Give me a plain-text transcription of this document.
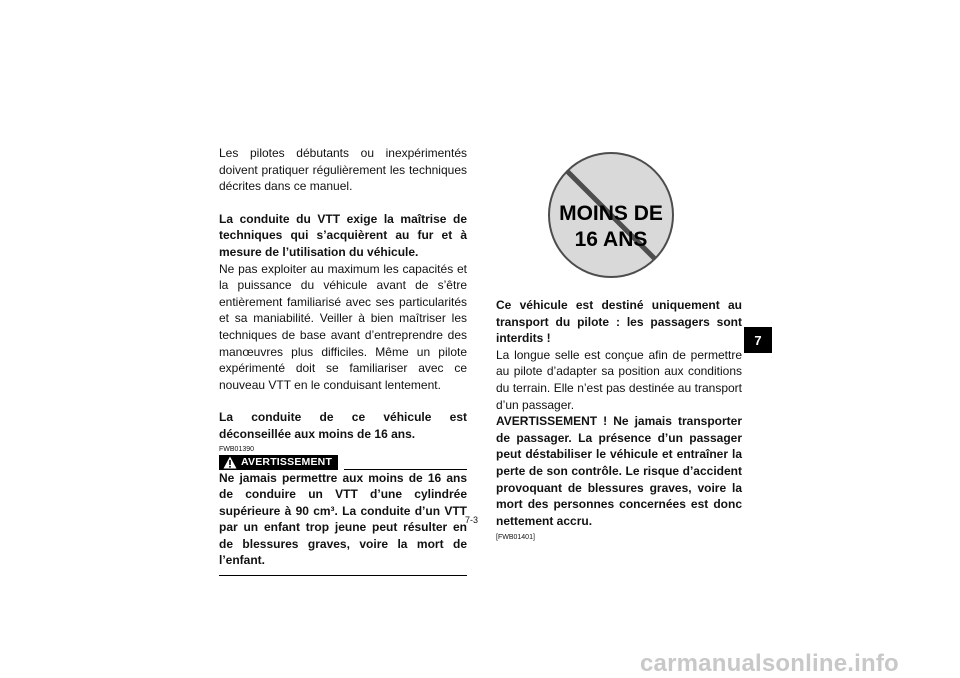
Les pilotes débutants ou inexpérimentés doivent pratiquer régulièrement les techniques décrites dans ce manuel.

La conduite du VTT exige la maîtrise de techniques qui s’acquièrent au fur et à mesure de l’utilisation du véhicule.

Ne pas exploiter au maximum les capacités et la puissance du véhicule avant de s’être entièrement familiarisé avec ses particularités et sa maniabilité. Veiller à bien maîtriser les techniques de base avant d’entreprendre des manœuvres plus difficiles. Même un pilote expérimenté doit se familiariser avec ce nouveau VTT en le conduisant lentement.

La conduite de ce véhicule est déconseillée aux moins de 16 ans.

FWB01390
AVERTISSEMENT

Ne jamais permettre aux moins de 16 ans de conduire un VTT d’une cylindrée supérieure à 90 cm³. La conduite d’un VTT par un enfant trop jeune peut résulter en de blessures graves, voire la mort de l’enfant.

MOINS DE
16 ANS

Ce véhicule est destiné uniquement au transport du pilote : les passagers sont interdits !

La longue selle est conçue afin de permettre au pilote d’adapter sa position aux conditions du terrain. Elle n’est pas destinée au transport d’un passager.

AVERTISSEMENT ! Ne jamais transporter de passager. La présence d’un passager peut déstabiliser le véhicule et entraîner la perte de son contrôle. Le risque d’accident provoquant de blessures graves, voire la mort des personnes concernées est donc nettement accru.

[FWB01401]
7
7-3
carmanualsonline.info
